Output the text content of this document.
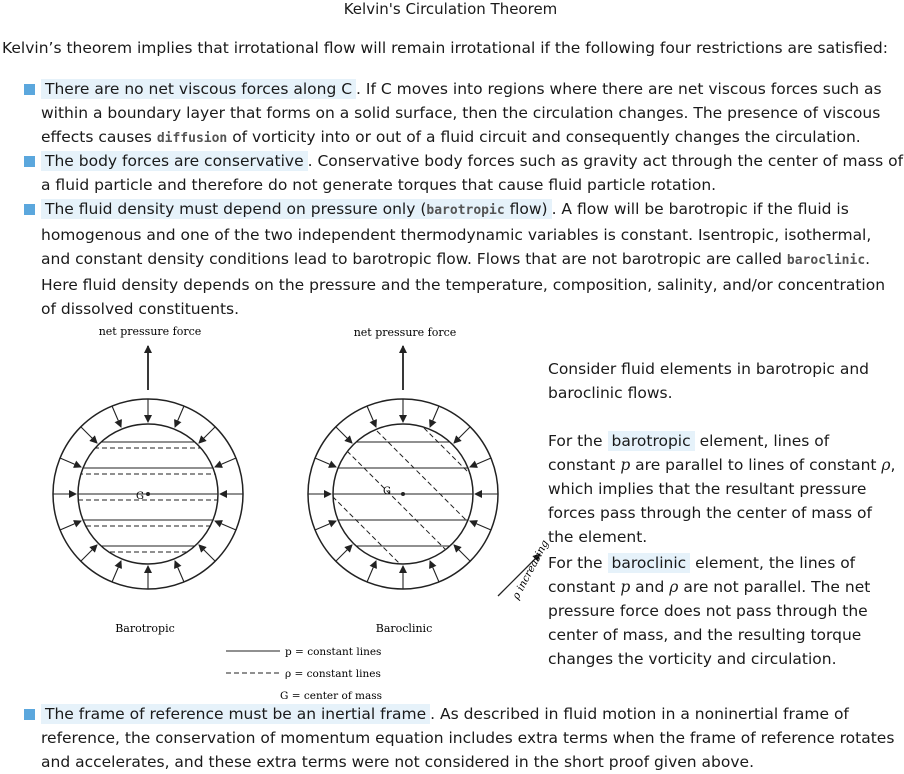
Kelvin's Circulation Theorem
Kelvin’s theorem implies that irrotational flow will remain irrotational if the following four restrictions are satisfied:
There are no net viscous forces along C . If C moves into regions where there are net viscous forces such as within a boundary layer that forms on a solid surface, then the circulation changes. The presence of viscous effects causes diffusion of vorticity into or out of a fluid circuit and consequently changes the circulation.
The body forces are conservative . Conservative body forces such as gravity act through the center of mass of a fluid particle and therefore do not generate torques that cause fluid particle rotation.
The fluid density must depend on pressure only (barotropic flow) . A flow will be barotropic if the fluid is homogenous and one of the two independent thermodynamic variables is constant. Isentropic, isothermal, and constant density conditions lead to barotropic flow. Flows that are not barotropic are called baroclinic. Here fluid density depends on the pressure and the temperature, composition, salinity, and/or concentration of dissolved constituents.
net pressure force
G
Barotropic
net pressure force
G
Baroclinic
ρ increasing
p = constant lines
ρ = constant lines
G = center of mass

Consider fluid elements in barotropic and baroclinic flows.

For the barotropic element, lines of constant p are parallel to lines of constant ρ, which implies that the resultant pressure forces pass through the center of mass of the element.

For the baroclinic element, the lines of constant p and ρ are not parallel. The net pressure force does not pass through the center of mass, and the resulting torque changes the vorticity and circulation.

The frame of reference must be an inertial frame . As described in fluid motion in a noninertial frame of reference, the conservation of momentum equation includes extra terms when the frame of reference rotates and accelerates, and these extra terms were not considered in the short proof given above.
